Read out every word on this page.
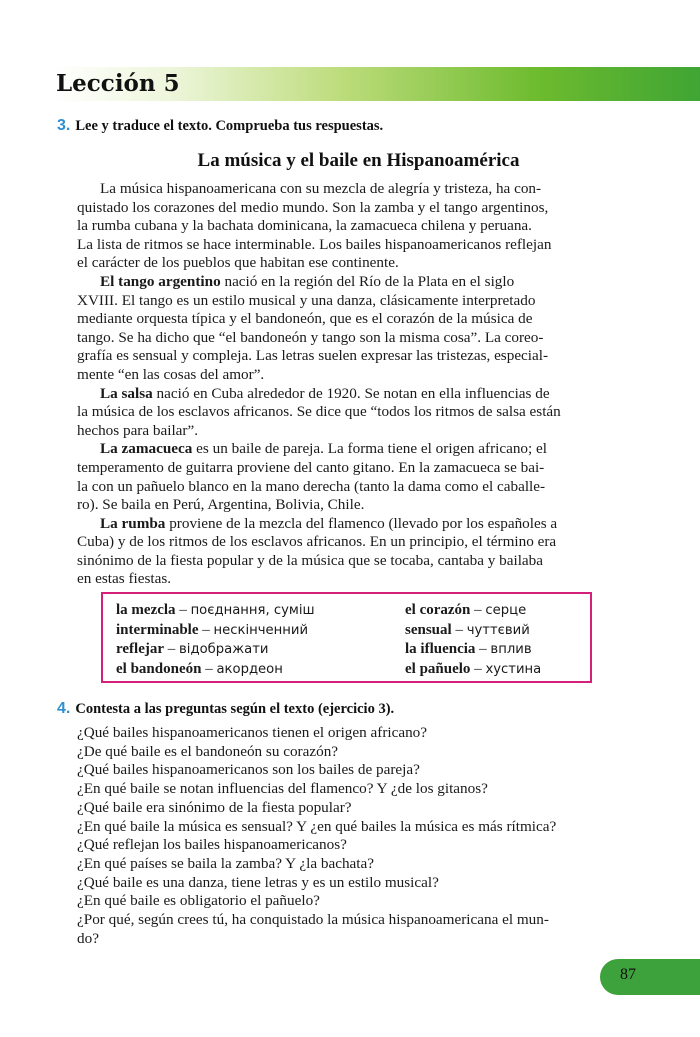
Lección 5
3. Lee y traduce el texto. Comprueba tus respuestas.
La música y el baile en Hispanoamérica
La música hispanoamericana con su mezcla de alegría y tristeza, ha con-
quistado los corazones del medio mundo. Son la zamba y el tango argentinos,
la rumba cubana y la bachata dominicana, la zamacueca chilena y peruana.
La lista de ritmos se hace interminable. Los bailes hispanoamericanos reflejan
el carácter de los pueblos que habitan ese continente.
El tango argentino nació en la región del Río de la Plata en el siglo
XVIII. El tango es un estilo musical y una danza, clásicamente interpretado
mediante orquesta típica y el bandoneón, que es el corazón de la música de
tango. Se ha dicho que “el bandoneón y tango son la misma cosa”. La coreo-
grafía es sensual y compleja. Las letras suelen expresar las tristezas, especial-
mente “en las cosas del amor”.
La salsa nació en Cuba alrededor de 1920. Se notan en ella influencias de
la música de los esclavos africanos. Se dice que “todos los ritmos de salsa están
hechos para bailar”.
La zamacueca es un baile de pareja. La forma tiene el origen africano; el
temperamento de guitarra proviene del canto gitano. En la zamacueca se bai-
la con un pañuelo blanco en la mano derecha (tanto la dama como el caballe-
ro). Se baila en Perú, Argentina, Bolivia, Chile.
La rumba proviene de la mezcla del flamenco (llevado por los españoles a
Cuba) y de los ritmos de los esclavos africanos. En un principio, el término era
sinónimo de la fiesta popular y de la música que se tocaba, cantaba y bailaba
en estas fiestas.
la mezcla – поєднання, суміш
interminable – нескінченний
reflejar – відображати
el bandoneón – акордеон
el corazón – серце
sensual – чуттєвий
la ifluencia – вплив
el pañuelo – хустина
4. Contesta a las preguntas según el texto (ejercicio 3).
¿Qué bailes hispanoamericanos tienen el origen africano?
¿De qué baile es el bandoneón su corazón?
¿Qué bailes hispanoamericanos son los bailes de pareja?
¿En qué baile se notan influencias del flamenco? Y ¿de los gitanos?
¿Qué baile era sinónimo de la fiesta popular?
¿En qué baile la música es sensual? Y ¿en qué bailes la música es más rítmica?
¿Qué reflejan los bailes hispanoamericanos?
¿En qué países se baila la zamba? Y ¿la bachata?
¿Qué baile es una danza, tiene letras y es un estilo musical?
¿En qué baile es obligatorio el pañuelo?
¿Por qué, según crees tú, ha conquistado la música hispanoamericana el mun-
do?
87
